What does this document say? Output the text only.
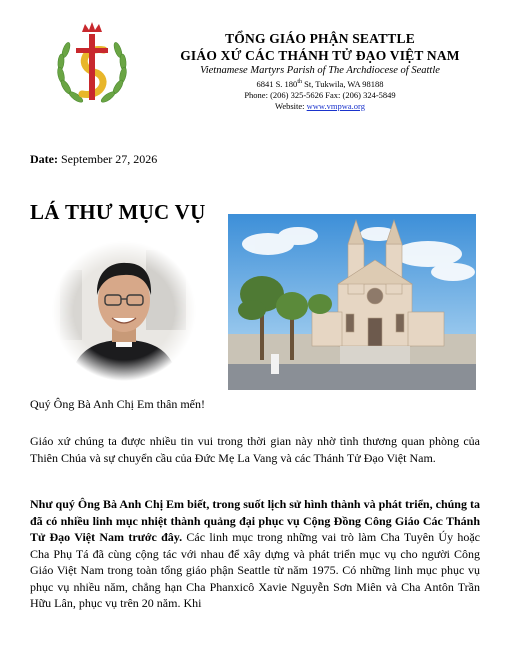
TỔNG GIÁO PHẬN SEATTLE
GIÁO XỨ CÁC THÁNH TỬ ĐẠO VIỆT NAM
Vietnamese Martyrs Parish of The Archdiocese of Seattle
6841 S. 180th St, Tukwila, WA 98188
Phone: (206) 325-5626 Fax: (206) 324-5849
Website: www.vmpwa.org
Date: September 27, 2026
LÁ THƯ MỤC VỤ
Quý Ông Bà Anh Chị Em thân mến!

Giáo xứ chúng ta được nhiều tin vui trong thời gian này nhờ tình thương quan phòng của Thiên Chúa và sự chuyển cầu của Đức Mẹ La Vang và các Thánh Tử Đạo Việt Nam.

Như quý Ông Bà Anh Chị Em biết, trong suốt lịch sử hình thành và phát triển, chúng ta đã có nhiều linh mục nhiệt thành quảng đại phục vụ Cộng Đồng Công Giáo Các Thánh Tử Đạo Việt Nam trước đây. Các linh mục trong những vai trò làm Cha Tuyên Úy hoặc Cha Phụ Tá đã cùng cộng tác với nhau để xây dựng và phát triển mục vụ cho người Công Giáo Việt Nam trong toàn tổng giáo phận Seattle từ năm 1975. Có những linh mục phục vụ phục vụ nhiều năm, chẳng hạn Cha Phanxicô Xavie Nguyễn Sơn Miên và Cha Antôn Trần Hữu Lân, phục vụ trên 20 năm. Khi
